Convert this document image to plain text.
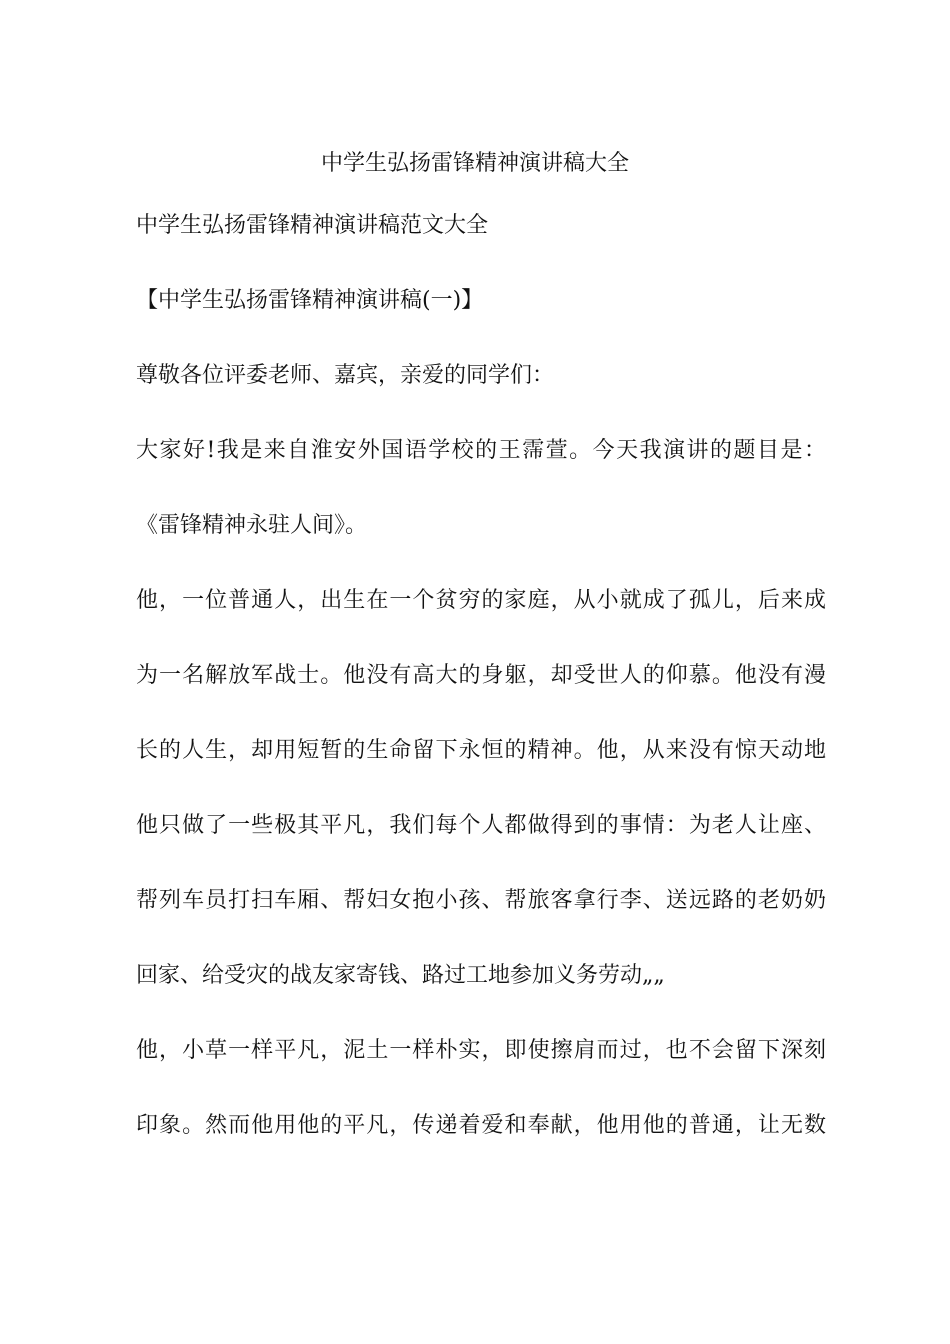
中学生弘扬雷锋精神演讲稿大全
中学生弘扬雷锋精神演讲稿范文大全
【中学生弘扬雷锋精神演讲稿(一)】
尊敬各位评委老师、嘉宾，亲爱的同学们：
大家好!我是来自淮安外国语学校的王霈萱。今天我演讲的题目是：
《雷锋精神永驻人间》。
他，一位普通人，出生在一个贫穷的家庭，从小就成了孤儿，后来成
为一名解放军战士。他没有高大的身躯，却受世人的仰慕。他没有漫
长的人生，却用短暂的生命留下永恒的精神。他，从来没有惊天动地
他只做了一些极其平凡，我们每个人都做得到的事情：为老人让座、
帮列车员打扫车厢、帮妇女抱小孩、帮旅客拿行李、送远路的老奶奶
回家、给受灾的战友家寄钱、路过工地参加义务劳动„„
他，小草一样平凡，泥土一样朴实，即使擦肩而过，也不会留下深刻
印象。然而他用他的平凡，传递着爱和奉献，他用他的普通，让无数
